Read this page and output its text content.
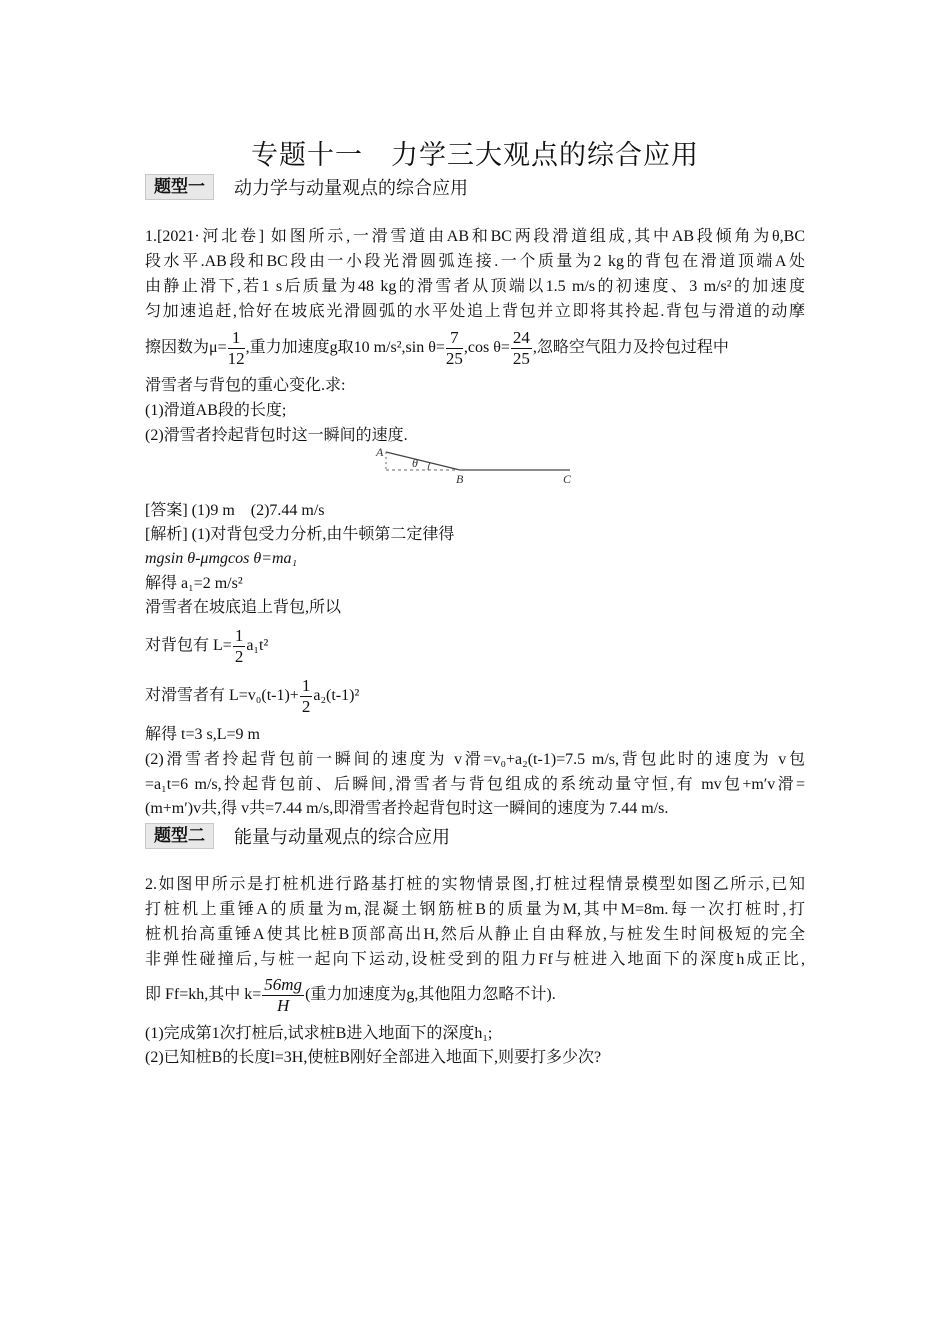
专题十一　力学三大观点的综合应用
题型一	动力学与动量观点的综合应用
1.[2021·河北卷] 如图所示,一滑雪道由AB和BC两段滑道组成,其中AB段倾角为θ,BC
段水平.AB段和BC段由一小段光滑圆弧连接.一个质量为2 kg的背包在滑道顶端A处
由静止滑下,若1 s后质量为48 kg的滑雪者从顶端以1.5 m/s的初速度、3 m/s²的加速度
匀加速追赶,恰好在坡底光滑圆弧的水平处追上背包并立即将其拎起.背包与滑道的动摩
擦因数为$\mu= \frac{1}{12}$ ,重力加速度g取10 m/s²,sin $\theta= \frac{7}{25} ,\cos$ $\theta= \frac{24}{25}$ ,忽略空气阻力及拎包过程中
滑雪者与背包的重心变化.求:
(1)滑道AB段的长度;
(2)滑雪者拎起背包时这一瞬间的速度.
A
θ
B	C
[答案] (1)9 m　(2)7.44 m/s
[解析] (1)对背包受力分析,由牛顿第二定律得
mgsin θ-μmgcos θ=ma₁
解得 a₁=2 m/s²
滑雪者在坡底追上背包,所以
对背包有 $L= \frac{1}{2} a_1t^2$
对滑雪者有 $L=v_0(t-1)+ \frac{1}{2} a_2(t-1)^2$
解得 t=3 s,L=9 m
(2)滑雪者拎起背包前一瞬间的速度为 v滑=v₀+a₂(t-1)=7.5 m/s,背包此时的速度为 v包
=a₁t=6 m/s,拎起背包前、后瞬间,滑雪者与背包组成的系统动量守恒,有 mv包+m′v滑=
(m+m′)v共,得 v共=7.44 m/s,即滑雪者拎起背包时这一瞬间的速度为 7.44 m/s.
题型二	能量与动量观点的综合应用
2.如图甲所示是打桩机进行路基打桩的实物情景图,打桩过程情景模型如图乙所示,已知
打桩机上重锤A的质量为m,混凝土钢筋桩B的质量为M,其中M=8m.每一次打桩时,打
桩机抬高重锤A使其比桩B顶部高出H,然后从静止自由释放,与桩发生时间极短的完全
非弹性碰撞后,与桩一起向下运动,设桩受到的阻力Ff与桩进入地面下的深度h成正比,
即 Ff=kh,其中 $k= \frac{56mg}{H}$ (重力加速度为g,其他阻力忽略不计).
(1)完成第1次打桩后,试求桩B进入地面下的深度h₁;
(2)已知桩B的长度l=3H,使桩B刚好全部进入地面下,则要打多少次?
